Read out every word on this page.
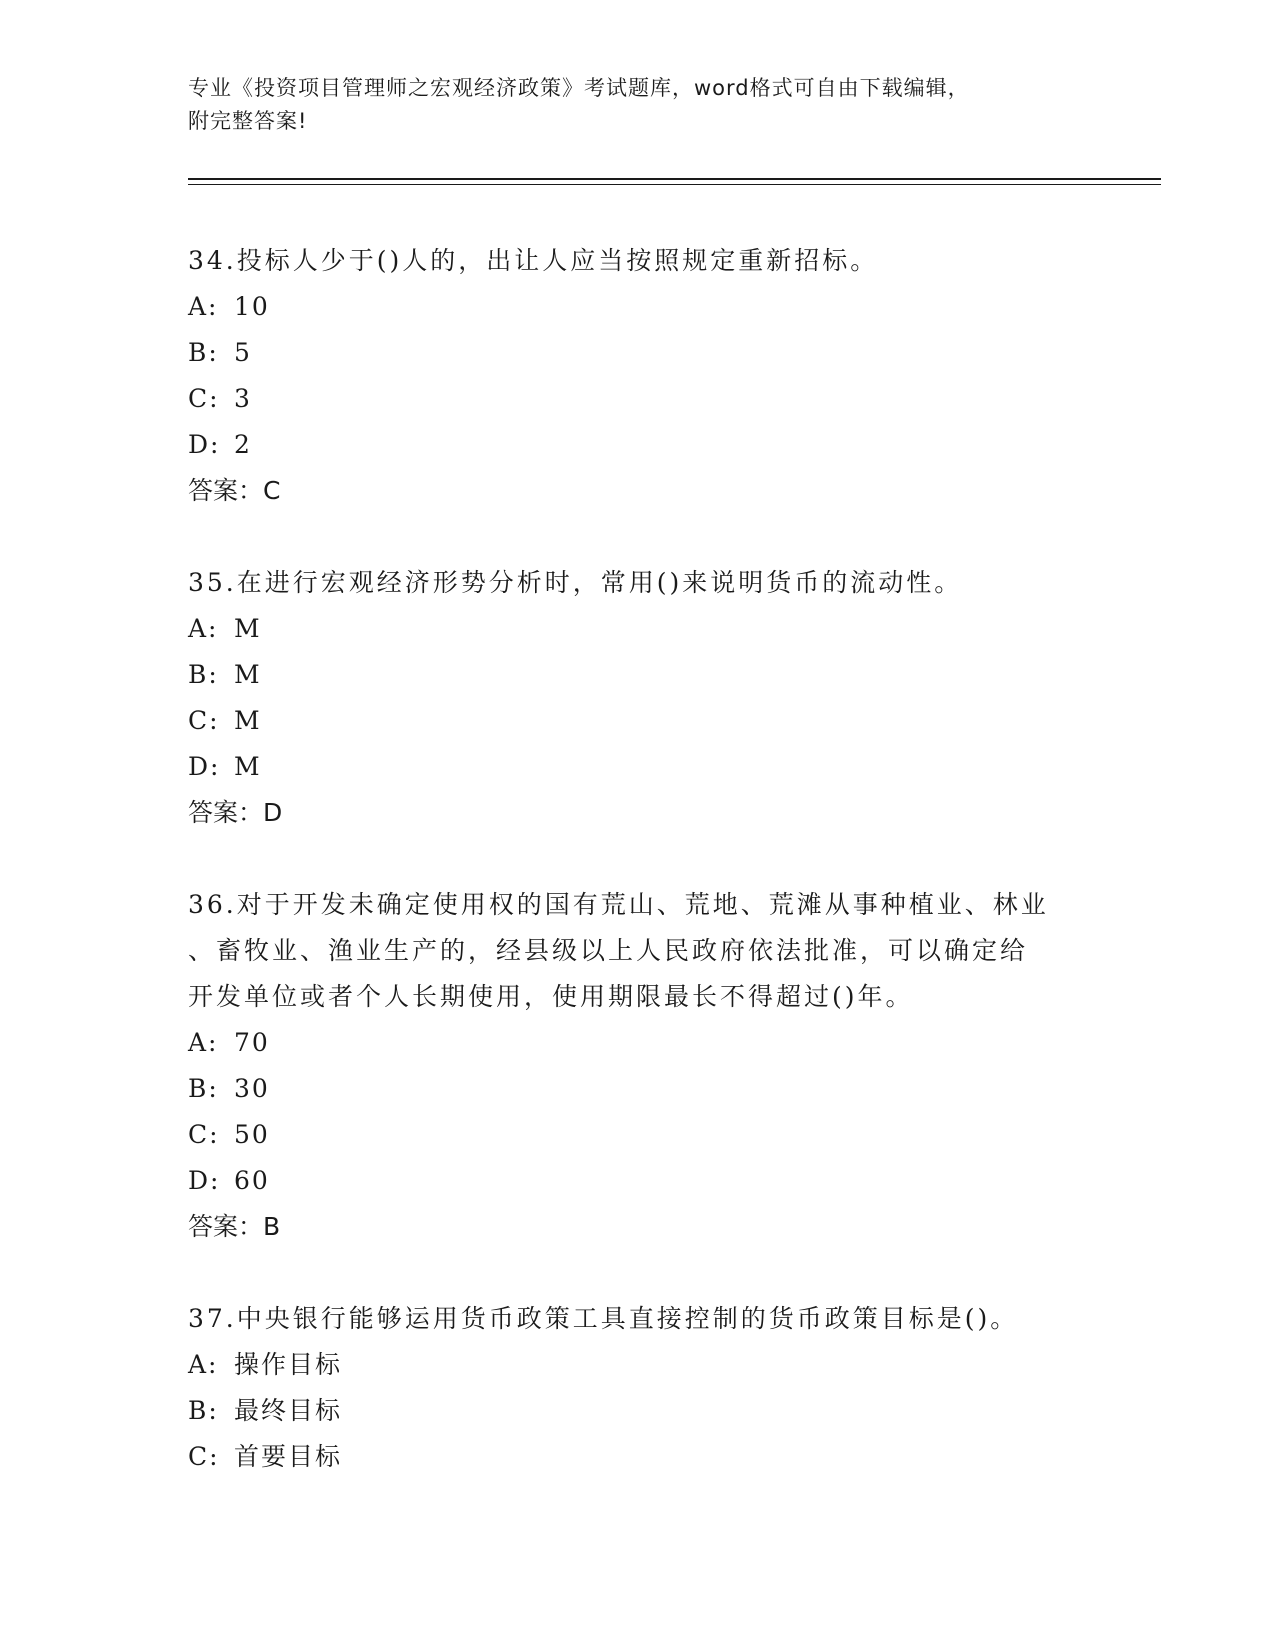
专业《投资项目管理师之宏观经济政策》考试题库，word格式可自由下载编辑，
附完整答案!
34.投标人少于()人的，出让人应当按照规定重新招标。
A: 10
B: 5
C: 3
D: 2
答案：C
35.在进行宏观经济形势分析时，常用()来说明货币的流动性。
A: M
B: M
C: M
D: M
答案：D
36.对于开发未确定使用权的国有荒山、荒地、荒滩从事种植业、林业
、畜牧业、渔业生产的，经县级以上人民政府依法批准，可以确定给
开发单位或者个人长期使用，使用期限最长不得超过()年。
A: 70
B: 30
C: 50
D: 60
答案：B
37.中央银行能够运用货币政策工具直接控制的货币政策目标是()。
A: 操作目标
B: 最终目标
C: 首要目标
